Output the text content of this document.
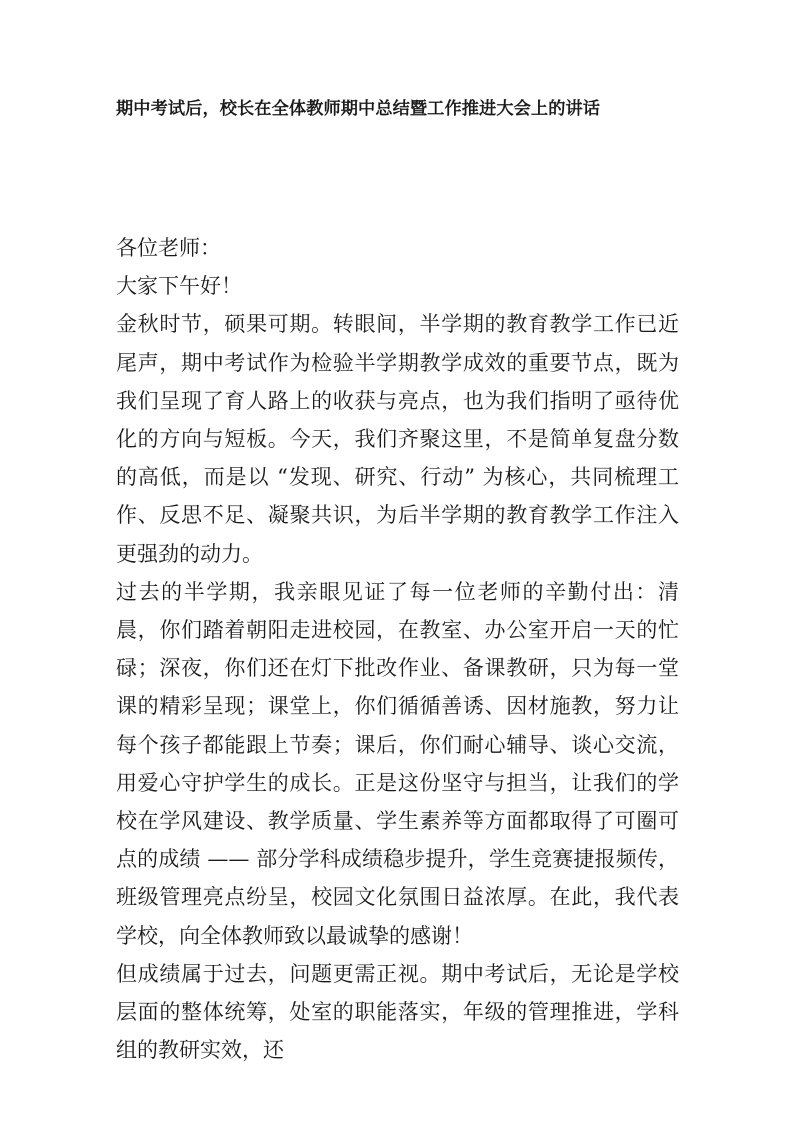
期中考试后，校长在全体教师期中总结暨工作推进大会上的讲话

各位老师：

大家下午好！

金秋时节，硕果可期。转眼间，半学期的教育教学工作已近尾声，期中考试作为检验半学期教学成效的重要节点，既为我们呈现了育人路上的收获与亮点，也为我们指明了亟待优化的方向与短板。今天，我们齐聚这里，不是简单复盘分数的高低，而是以 “发现、研究、行动” 为核心，共同梳理工作、反思不足、凝聚共识，为后半学期的教育教学工作注入更强劲的动力。

过去的半学期，我亲眼见证了每一位老师的辛勤付出：清晨，你们踏着朝阳走进校园，在教室、办公室开启一天的忙碌；深夜，你们还在灯下批改作业、备课教研，只为每一堂课的精彩呈现；课堂上，你们循循善诱、因材施教，努力让每个孩子都能跟上节奏；课后，你们耐心辅导、谈心交流，用爱心守护学生的成长。正是这份坚守与担当，让我们的学校在学风建设、教学质量、学生素养等方面都取得了可圈可点的成绩 —— 部分学科成绩稳步提升，学生竞赛捷报频传，班级管理亮点纷呈，校园文化氛围日益浓厚。在此，我代表学校，向全体教师致以最诚挚的感谢！

但成绩属于过去，问题更需正视。期中考试后，无论是学校层面的整体统筹，处室的职能落实，年级的管理推进，学科组的教研实效，还
